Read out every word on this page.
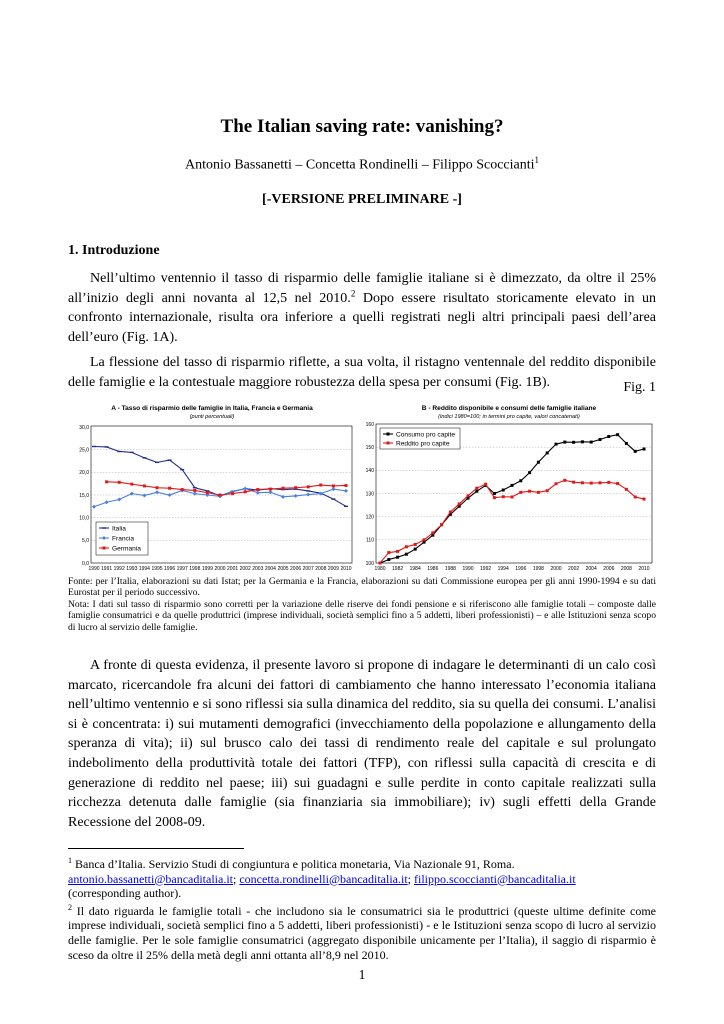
The Italian saving rate: vanishing?
Antonio Bassanetti – Concetta Rondinelli – Filippo Scoccianti$^1$
[-VERSIONE PRELIMINARE -]
1. Introduzione

Nell’ultimo ventennio il tasso di risparmio delle famiglie italiane si è dimezzato, da oltre il 25% all’inizio degli anni novanta al 12,5 nel 2010.$^2$ Dopo essere risultato storicamente elevato in un confronto internazionale, risulta ora inferiore a quelli registrati negli altri principali paesi dell’area dell’euro (Fig. 1A).

La flessione del tasso di risparmio riflette, a sua volta, il ristagno ventennale del reddito disponibile delle famiglie e la contestuale maggiore robustezza della spesa per consumi (Fig. 1B).	Fig. 1
A - Tasso di risparmio delle famiglie in Italia, Francia e Germania
(punti percentuali)
0,0
5,0
10,0
15,0
20,0
25,0
30,0
1990 1991 1992 1993 1994 1995 1996 1997 1998 1999 2000 2001 2002 2003 2004 2005 2006 2007 2008 2009 2010
Italia
Francia
Germania
B - Reddito disponibile e consumi delle famiglie italiane
(indici 1980=100; in termini pro capite, valori concatenati)
100
110
120
130
140
150
160
1980 1982 1984 1986 1988 1990 1992 1994 1996 1998 2000 2002 2004 2006 2008 2010
Consumo pro capite
Reddito pro capite

Fonte: per l’Italia, elaborazioni su dati Istat; per la Germania e la Francia, elaborazioni su dati Commissione europea per gli anni 1990-1994 e su dati Eurostat per il periodo successivo.

Nota: I dati sul tasso di risparmio sono corretti per la variazione delle riserve dei fondi pensione e si riferiscono alle famiglie totali – composte dalle famiglie consumatrici e da quelle produttrici (imprese individuali, società semplici fino a 5 addetti, liberi professionisti) – e alle Istituzioni senza scopo di lucro al servizio delle famiglie.

A fronte di questa evidenza, il presente lavoro si propone di indagare le determinanti di un calo così marcato, ricercandole fra alcuni dei fattori di cambiamento che hanno interessato l’economia italiana nell’ultimo ventennio e si sono riflessi sia sulla dinamica del reddito, sia su quella dei consumi. L’analisi si è concentrata: i) sui mutamenti demografici (invecchiamento della popolazione e allungamento della speranza di vita); ii) sul brusco calo dei tassi di rendimento reale del capitale e sul prolungato indebolimento della produttività totale dei fattori (TFP), con riflessi sulla capacità di crescita e di generazione di reddito nel paese; iii) sui guadagni e sulle perdite in conto capitale realizzati sulla ricchezza detenuta dalle famiglie (sia finanziaria sia immobiliare); iv) sugli effetti della Grande Recessione del 2008-09.

$^1$ Banca d’Italia. Servizio Studi di congiuntura e politica monetaria, Via Nazionale 91, Roma.
antonio.bassanetti@bancaditalia.it; concetta.rondinelli@bancaditalia.it; filippo.scoccianti@bancaditalia.it
(corresponding author).

$^2$ Il dato riguarda le famiglie totali - che includono sia le consumatrici sia le produttrici (queste ultime definite come imprese individuali, società semplici fino a 5 addetti, liberi professionisti) - e le Istituzioni senza scopo di lucro al servizio delle famiglie. Per le sole famiglie consumatrici (aggregato disponibile unicamente per l’Italia), il saggio di risparmio è sceso da oltre il 25% della metà degli anni ottanta all’8,9 nel 2010.

1
